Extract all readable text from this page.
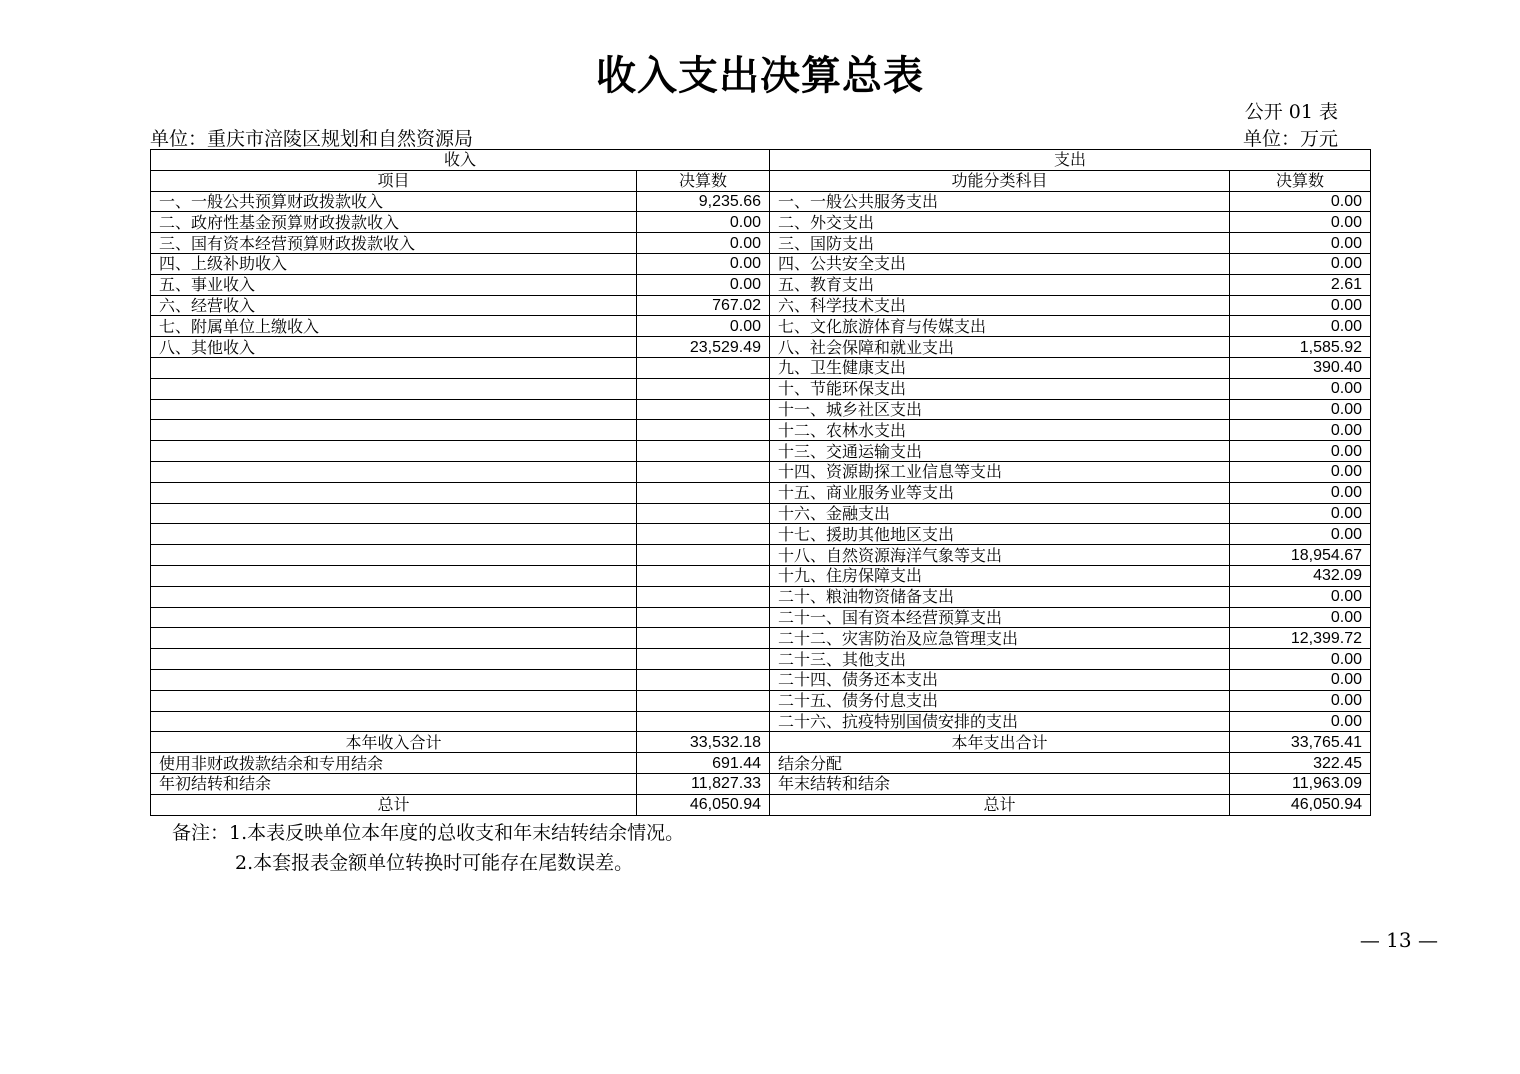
收入支出决算总表
公开 01 表
单位：重庆市涪陵区规划和自然资源局	单位：万元
收入		支出	
项目	决算数	功能分类科目	决算数
一、一般公共预算财政拨款收入	9,235.66	一、一般公共服务支出	0.00
二、政府性基金预算财政拨款收入	0.00	二、外交支出	0.00
三、国有资本经营预算财政拨款收入	0.00	三、国防支出	0.00
四、上级补助收入	0.00	四、公共安全支出	0.00
五、事业收入	0.00	五、教育支出	2.61
六、经营收入	767.02	六、科学技术支出	0.00
七、附属单位上缴收入	0.00	七、文化旅游体育与传媒支出	0.00
八、其他收入	23,529.49	八、社会保障和就业支出	1,585.92
		九、卫生健康支出	390.40
		十、节能环保支出	0.00
		十一、城乡社区支出	0.00
		十二、农林水支出	0.00
		十三、交通运输支出	0.00
		十四、资源勘探工业信息等支出	0.00
		十五、商业服务业等支出	0.00
		十六、金融支出	0.00
		十七、援助其他地区支出	0.00
		十八、自然资源海洋气象等支出	18,954.67
		十九、住房保障支出	432.09
		二十、粮油物资储备支出	0.00
		二十一、国有资本经营预算支出	0.00
		二十二、灾害防治及应急管理支出	12,399.72
		二十三、其他支出	0.00
		二十四、债务还本支出	0.00
		二十五、债务付息支出	0.00
		二十六、抗疫特别国债安排的支出	0.00
本年收入合计	33,532.18	本年支出合计	33,765.41
使用非财政拨款结余和专用结余	691.44	结余分配	322.45
年初结转和结余	11,827.33	年末结转和结余	11,963.09
总计	46,050.94	总计	46,050.94
备注：1.本表反映单位本年度的总收支和年末结转结余情况。
2.本套报表金额单位转换时可能存在尾数误差。
— 13 —
